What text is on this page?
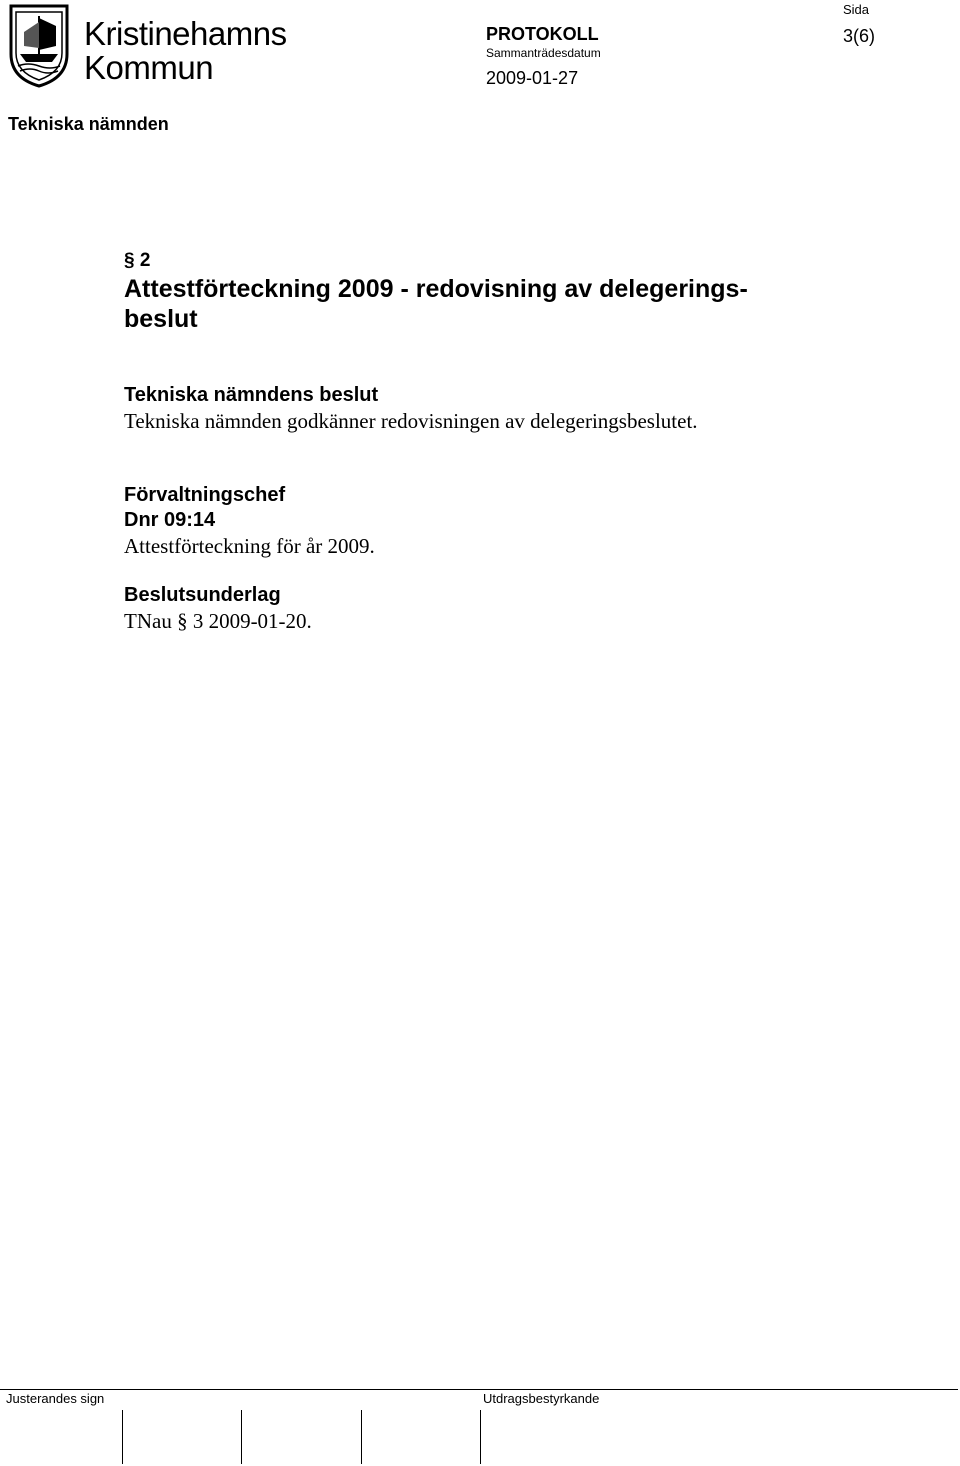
Kristinehamns
Kommun
PROTOKOLL
Sammanträdesdatum
2009-01-27
Sida
3(6)
Tekniska nämnden
§ 2
Attestförteckning 2009 - redovisning av delegerings-
beslut
Tekniska nämndens beslut
Tekniska nämnden godkänner redovisningen av delegeringsbeslutet.
Förvaltningschef
Dnr 09:14
Attestförteckning för år 2009.
Beslutsunderlag
TNau § 3 2009-01-20.
Justerandes sign	Utdragsbestyrkande
